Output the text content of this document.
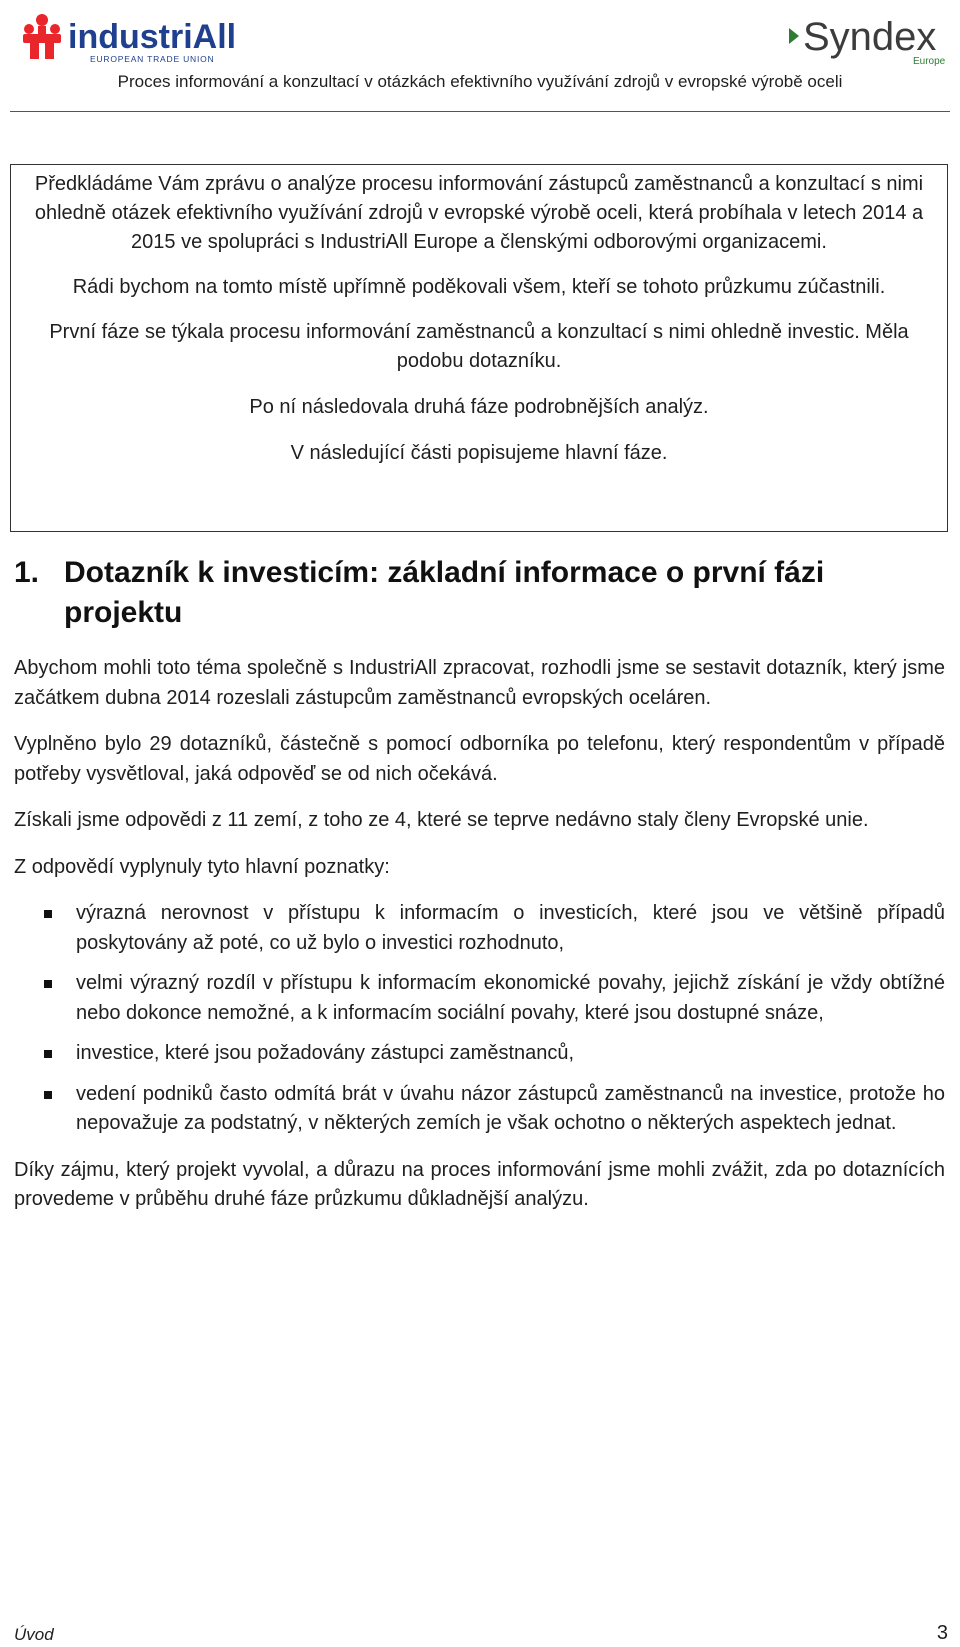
industriAll
EUROPEAN TRADE UNION	Syndex
Europe
Proces informování a konzultací v otázkách efektivního využívání zdrojů v evropské výrobě oceli

Předkládáme Vám zprávu o analýze procesu informování zástupců zaměstnanců a konzultací s nimi ohledně otázek efektivního využívání zdrojů v evropské výrobě oceli, která probíhala v letech 2014 a 2015 ve spolupráci s IndustriAll Europe a členskými odborovými organizacemi.

Rádi bychom na tomto místě upřímně poděkovali všem, kteří se tohoto průzkumu zúčastnili.

První fáze se týkala procesu informování zaměstnanců a konzultací s nimi ohledně investic. Měla podobu dotazníku.

Po ní následovala druhá fáze podrobnějších analýz.

V následující části popisujeme hlavní fáze.

1. Dotazník k investicím: základní informace o první fázi projektu

Abychom mohli toto téma společně s IndustriAll zpracovat, rozhodli jsme se sestavit dotazník, který jsme začátkem dubna 2014 rozeslali zástupcům zaměstnanců evropských oceláren.

Vyplněno bylo 29 dotazníků, částečně s pomocí odborníka po telefonu, který respondentům v případě potřeby vysvětloval, jaká odpověď se od nich očekává.

Získali jsme odpovědi z 11 zemí, z toho ze 4, které se teprve nedávno staly členy Evropské unie.

Z odpovědí vyplynuly tyto hlavní poznatky:

výrazná nerovnost v přístupu k informacím o investicích, které jsou ve většině případů poskytovány až poté, co už bylo o investici rozhodnuto,
velmi výrazný rozdíl v přístupu k informacím ekonomické povahy, jejichž získání je vždy obtížné nebo dokonce nemožné, a k informacím sociální povahy, které jsou dostupné snáze,
investice, které jsou požadovány zástupci zaměstnanců,
vedení podniků často odmítá brát v úvahu názor zástupců zaměstnanců na investice, protože ho nepovažuje za podstatný, v některých zemích je však ochotno o některých aspektech jednat.

Díky zájmu, který projekt vyvolal, a důrazu na proces informování jsme mohli zvážit, zda po dotaznících provedeme v průběhu druhé fáze průzkumu důkladnější analýzu.

Úvod	3
